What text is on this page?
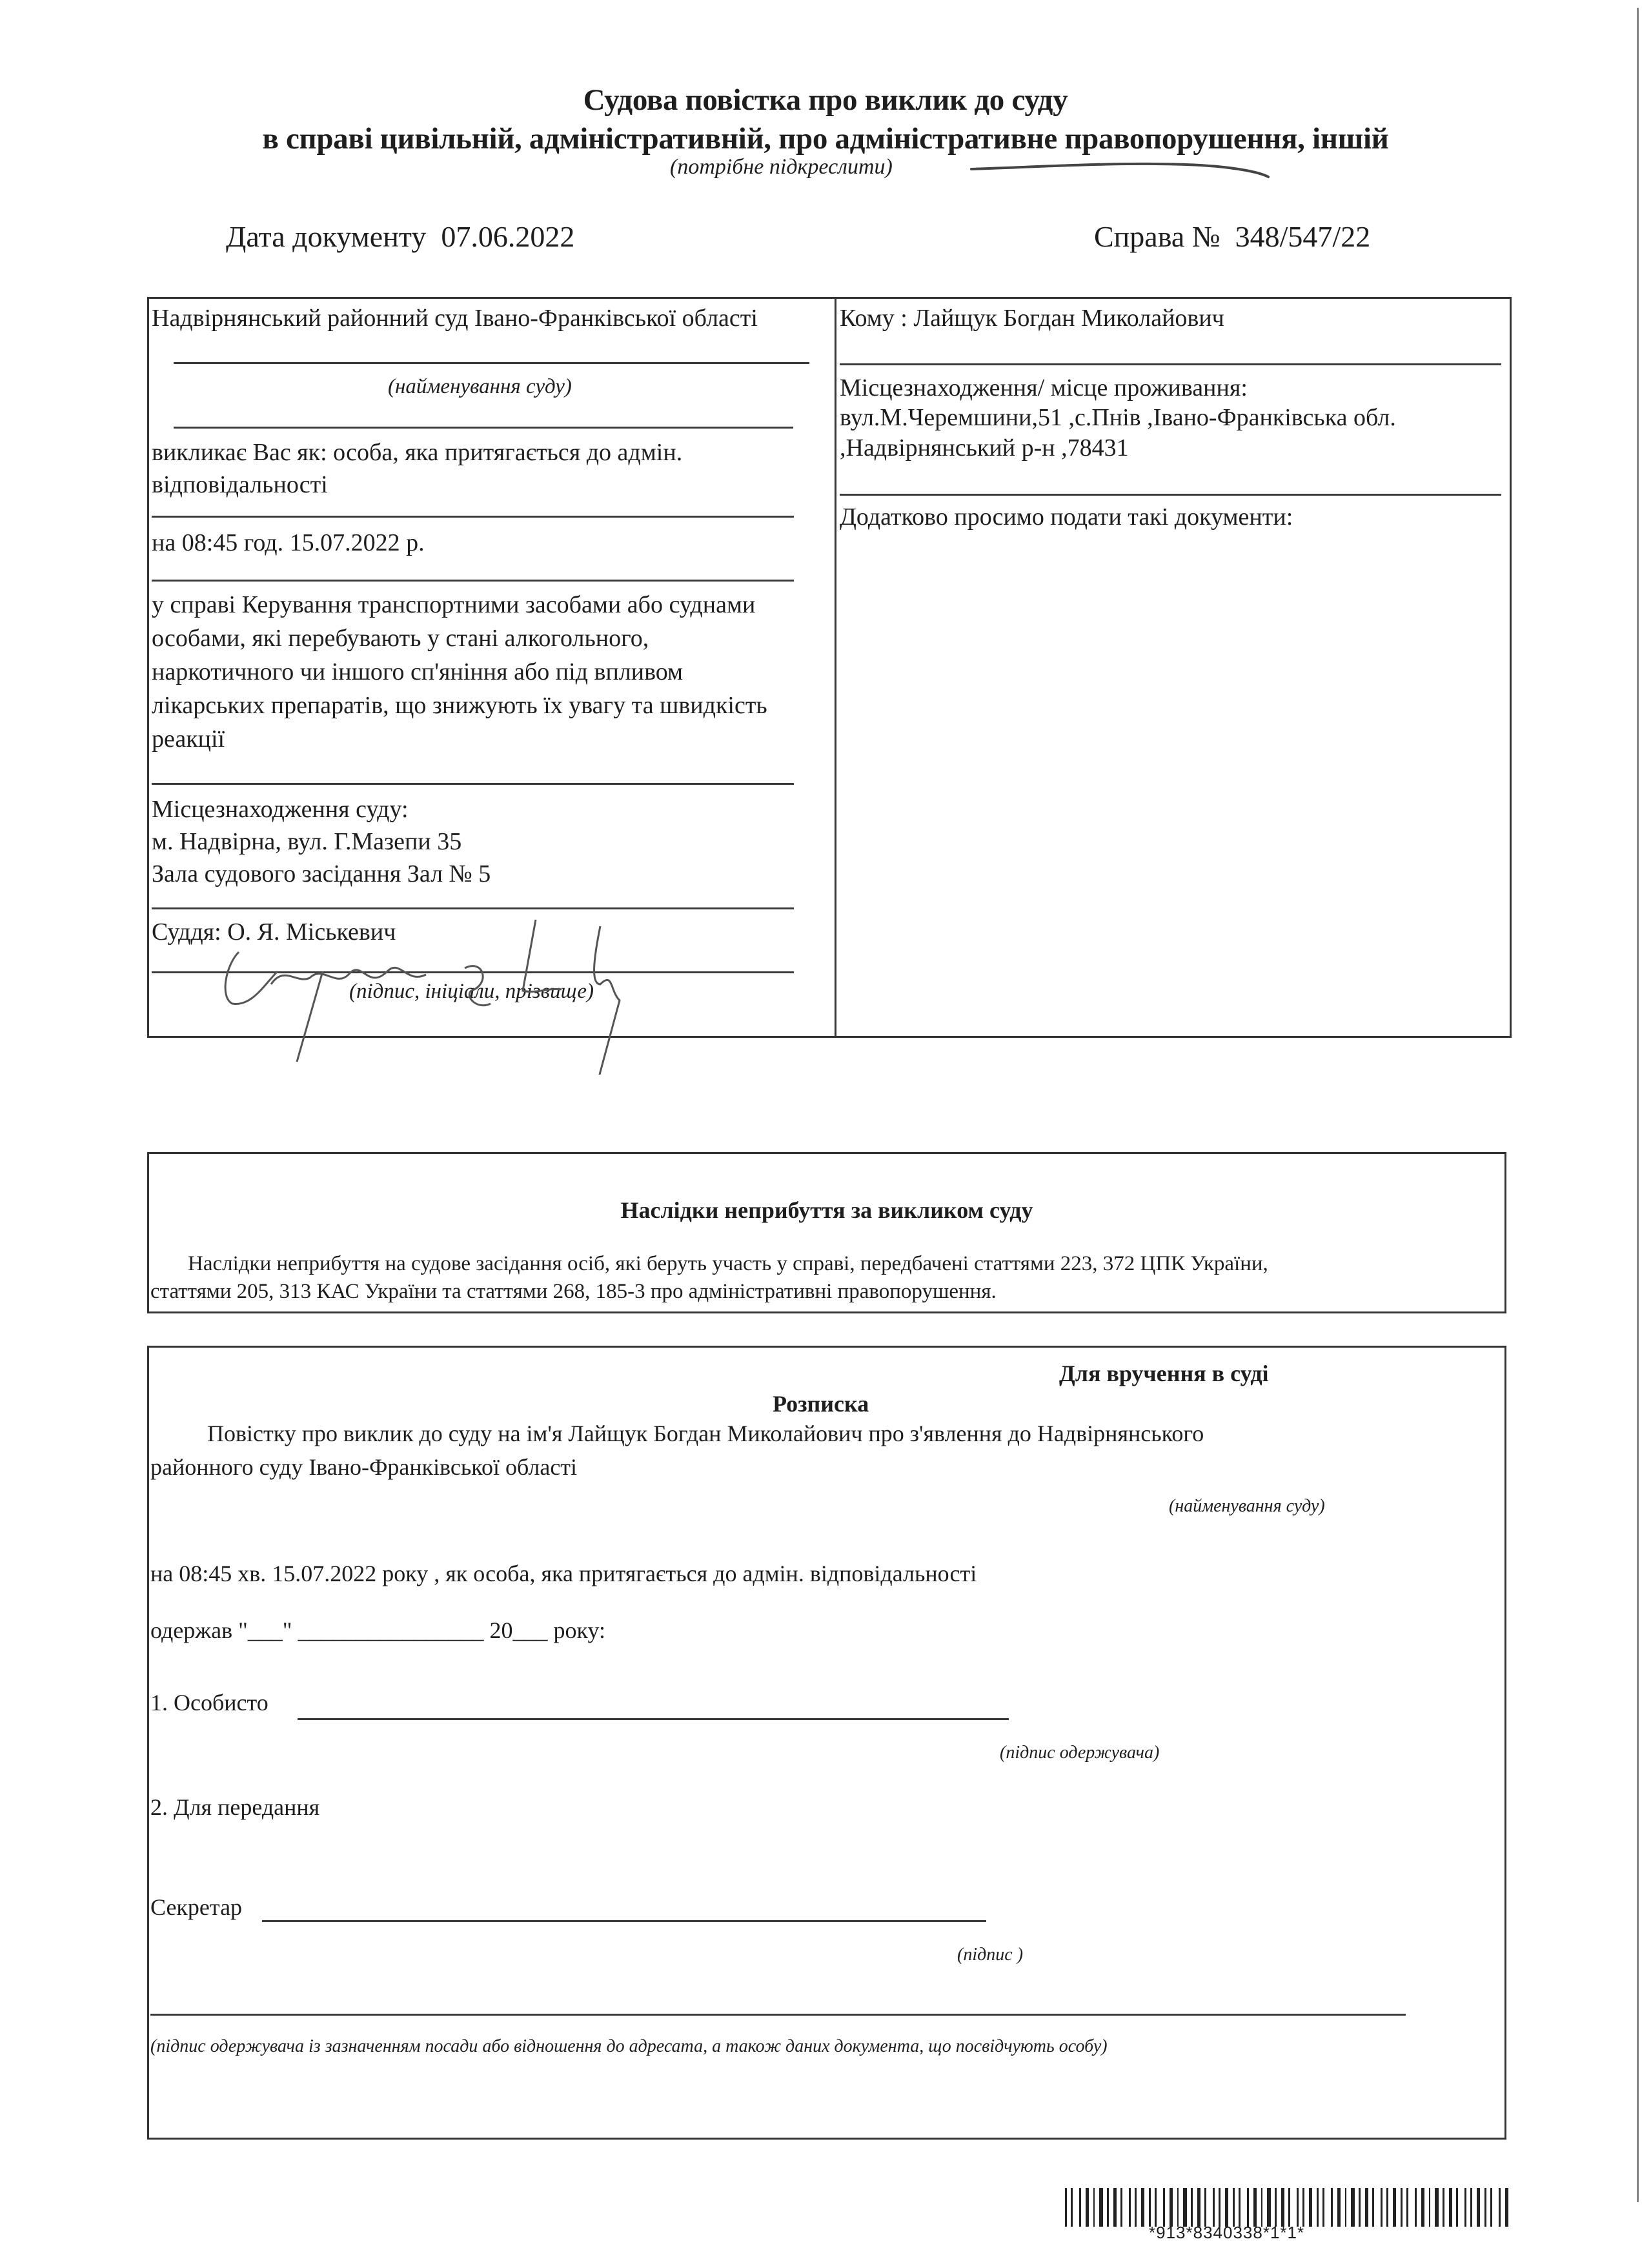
Судова повістка про виклик до суду
в справі цивільній, адміністративній, про адміністративне правопорушення, іншій
(потрібне підкреслити)
Дата документу 07.06.2022	Справа № 348/547/22
Надвірнянський районний суд Івано-Франківської області
(найменування суду)
викликає Вас як: особа, яка притягається до адмін.
відповідальності
на 08:45 год. 15.07.2022 р.
у справі Керування транспортними засобами або суднами
особами, які перебувають у стані алкогольного,
наркотичного чи іншого сп'яніння або під впливом
лікарських препаратів, що знижують їх увагу та швидкість
реакції
Місцезнаходження суду:
м. Надвірна, вул. Г.Мазепи 35
Зала судового засідання Зал № 5
Суддя: О. Я. Міськевич
(підпис, ініціали, прізвище)
Кому : Лайщук Богдан Миколайович
Місцезнаходження/ місце проживання:
вул.М.Черемшини,51 ,с.Пнів ,Івано-Франківська обл.
,Надвірнянський р-н ,78431
Додатково просимо подати такі документи:
Наслідки неприбуття за викликом суду
Наслідки неприбуття на судове засідання осіб, які беруть участь у справі, передбачені статтями 223, 372 ЦПК України,
статтями 205, 313 КАС України та статтями 268, 185-3 про адміністративні правопорушення.
Для вручення в суді
Розписка
Повістку про виклик до суду на ім'я Лайщук Богдан Миколайович про з'явлення до Надвірнянського
районного суду Івано-Франківської області
(найменування суду)
на 08:45 хв. 15.07.2022 року , як особа, яка притягається до адмін. відповідальності
одержав "___" ________________ 20___ року:
1. Особисто
(підпис одержувача)
2. Для передання
Секретар
(підпис )
(підпис одержувача із зазначенням посади або відношення до адресата, а також даних документа, що посвідчують особу)
*913*8340338*1*1*
